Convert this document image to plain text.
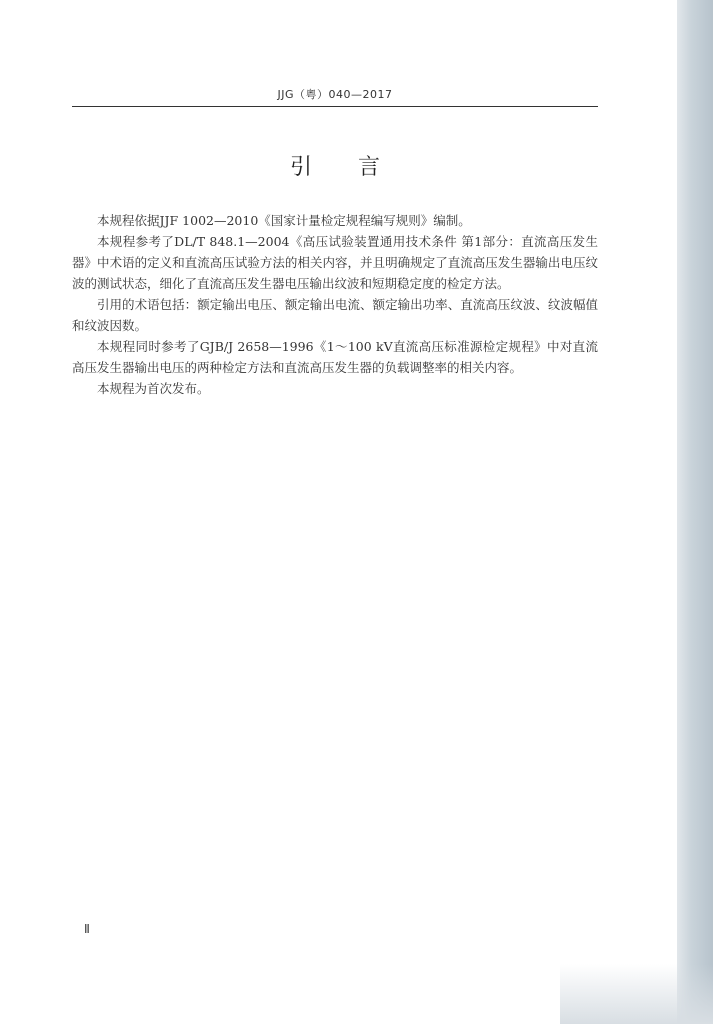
JJG（粤）040—2017
引言

本规程依据JJF 1002—2010《国家计量检定规程编写规则》编制。

本规程参考了DL/T 848.1—2004《高压试验装置通用技术条件 第1部分：直流高压发生器》中术语的定义和直流高压试验方法的相关内容，并且明确规定了直流高压发生器输出电压纹波的测试状态，细化了直流高压发生器电压输出纹波和短期稳定度的检定方法。

引用的术语包括：额定输出电压、额定输出电流、额定输出功率、直流高压纹波、纹波幅值和纹波因数。

本规程同时参考了GJB/J 2658—1996《1～100 kV直流高压标准源检定规程》中对直流高压发生器输出电压的两种检定方法和直流高压发生器的负载调整率的相关内容。

本规程为首次发布。

Ⅱ
